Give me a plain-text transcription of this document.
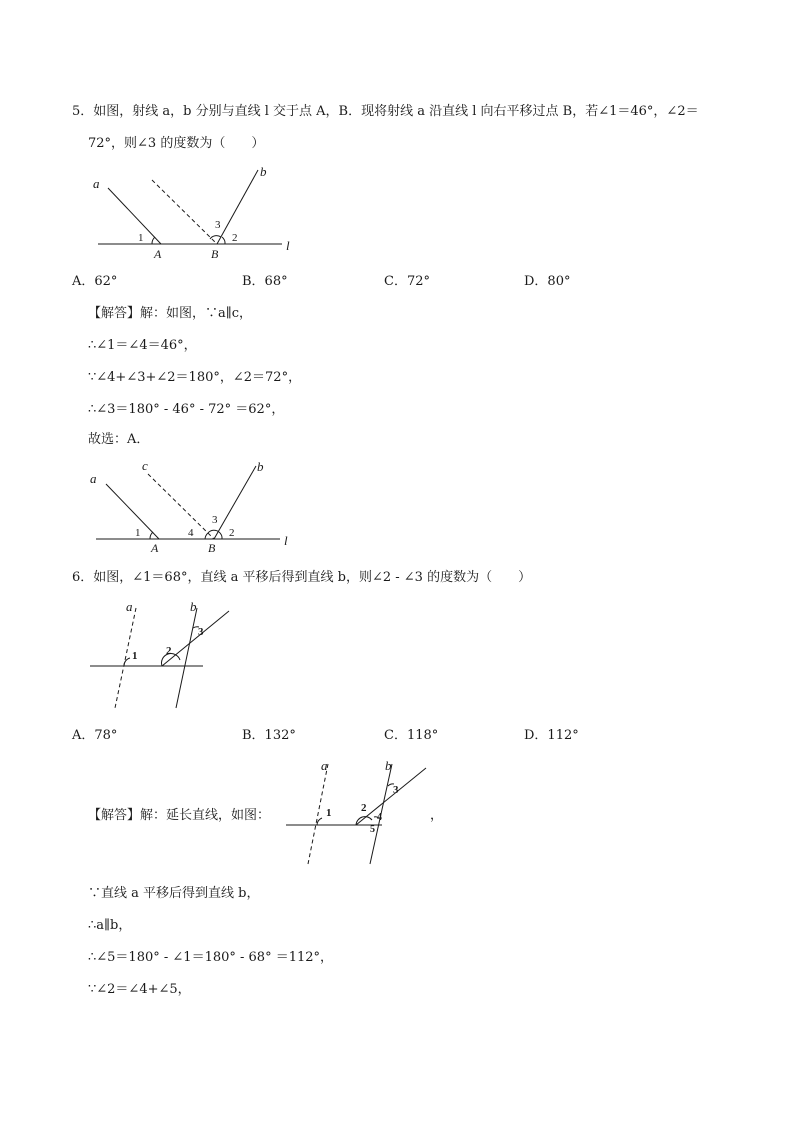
5．如图，射线 a，b 分别与直线 l 交于点 A，B．现将射线 a 沿直线 l 向右平移过点 B，若∠1＝46°，∠2＝
72°，则∠3 的度数为（　　）
a
b
l
A	B
1	2
3
A．62°	B．68°	C．72°	D．80°
【解答】解：如图，∵a∥c，
∴∠1＝∠4＝46°，
∵∠4+∠3+∠2＝180°，∠2＝72°，
∴∠3＝180° - 46° - 72° ＝62°，
故选：A．
a
c	b
l
A	B
1	4
3
2
6．如图，∠1＝68°，直线 a 平移后得到直线 b，则∠2 - ∠3 的度数为（　　）
a	b
1	2
3
A．78°	B．132°	C．118°	D．112°
【解答】解：延长直线，如图：
a	b
1	2
3
4
5
，
∵直线 a 平移后得到直线 b，
∴a∥b，
∴∠5＝180° - ∠1＝180° - 68° ＝112°，
∵∠2＝∠4+∠5，
